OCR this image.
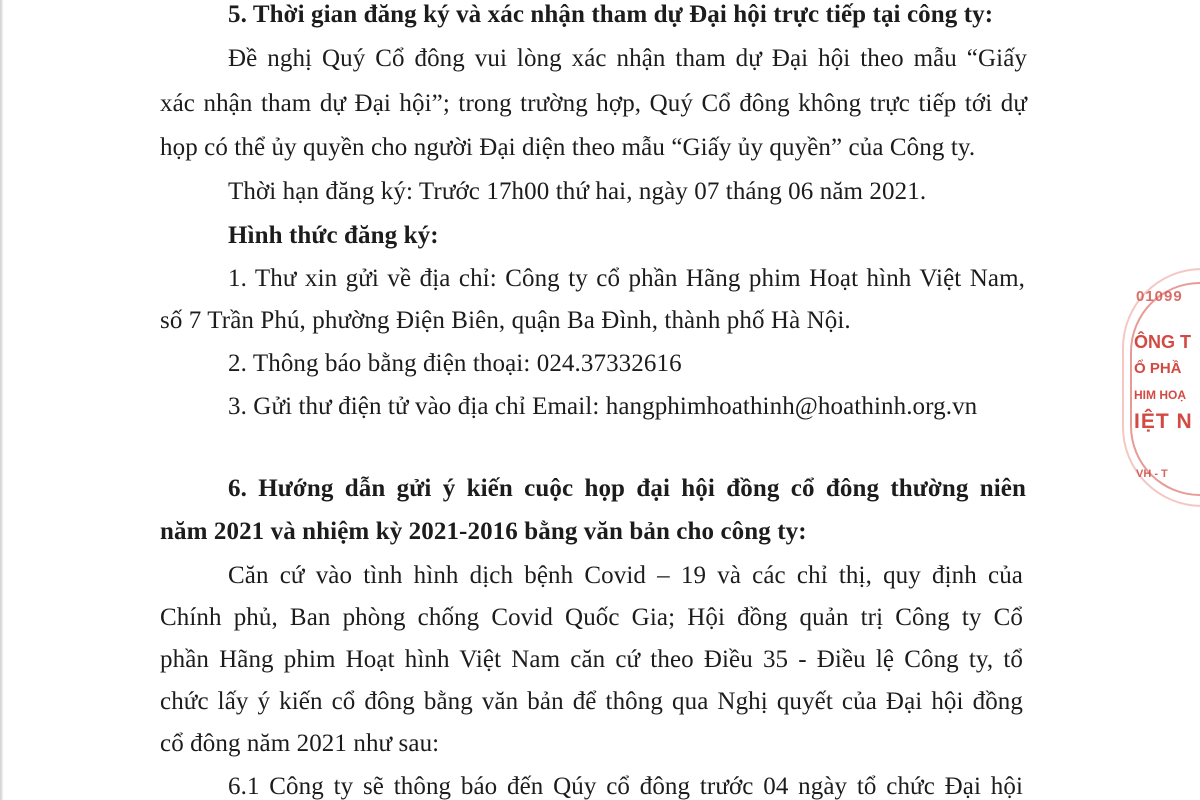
5. Thời gian đăng ký và xác nhận tham dự Đại hội trực tiếp tại công ty:
Đề nghị Quý Cổ đông vui lòng xác nhận tham dự Đại hội theo mẫu “Giấy
xác nhận tham dự Đại hội”; trong trường hợp, Quý Cổ đông không trực tiếp tới dự
họp có thể ủy quyền cho người Đại diện theo mẫu “Giấy ủy quyền” của Công ty.
Thời hạn đăng ký: Trước 17h00 thứ hai, ngày 07 tháng 06 năm 2021.
Hình thức đăng ký:
1. Thư xin gửi về địa chỉ: Công ty cổ phần Hãng phim Hoạt hình Việt Nam,
số 7 Trần Phú, phường Điện Biên, quận Ba Đình, thành phố Hà Nội.
2. Thông báo bằng điện thoại: 024.37332616
3. Gửi thư điện tử vào địa chỉ Email: hangphimhoathinh@hoathinh.org.vn
6. Hướng dẫn gửi ý kiến cuộc họp đại hội đồng cổ đông thường niên
năm 2021 và nhiệm kỳ 2021-2016 bằng văn bản cho công ty:
Căn cứ vào tình hình dịch bệnh Covid – 19 và các chỉ thị, quy định của
Chính phủ, Ban phòng chống Covid Quốc Gia; Hội đồng quản trị Công ty Cổ
phần Hãng phim Hoạt hình Việt Nam căn cứ theo Điều 35 - Điều lệ Công ty, tổ
chức lấy ý kiến cổ đông bằng văn bản để thông qua Nghị quyết của Đại hội đồng
cổ đông năm 2021 như sau:
6.1 Công ty sẽ thông báo đến Qúy cổ đông trước 04 ngày tổ chức Đại hội
01099
ÔNG T
Ổ PHẦ
HIM HOẠ
IỆT N
VH - T
